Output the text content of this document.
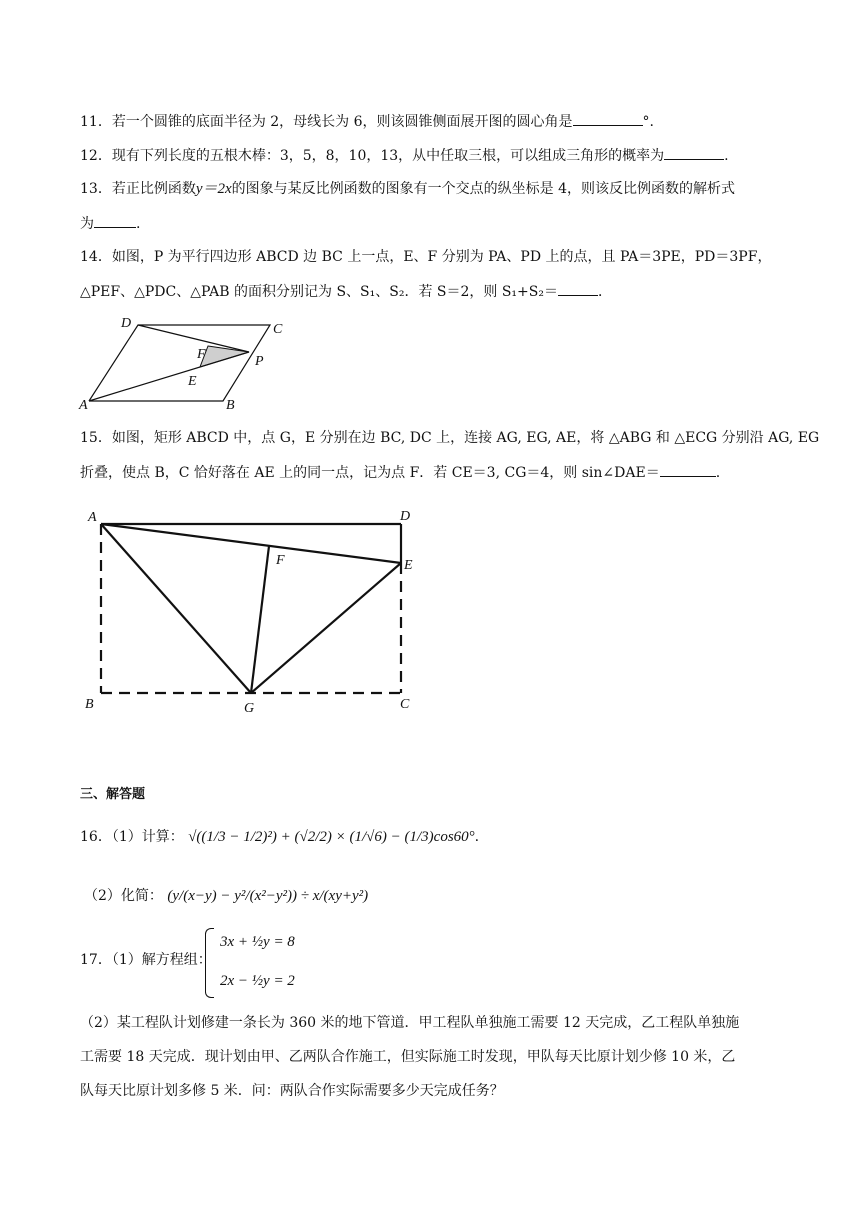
11．若一个圆锥的底面半径为 2，母线长为 6，则该圆锥侧面展开图的圆心角是	°.
12．现有下列长度的五根木棒：3，5，8，10，13，从中任取三根，可以组成三角形的概率为	.
13．若正比例函数y＝2x的图象与某反比例函数的图象有一个交点的纵坐标是 4，则该反比例函数的解析式
为	.
14．如图，P 为平行四边形 ABCD 边 BC 上一点，E、F 分别为 PA、PD 上的点，且 PA＝3PE，PD＝3PF，
△PEF、△PDC、△PAB 的面积分别记为 S、S₁、S₂．若 S＝2，则 S₁+S₂＝	．
D	C
F	P
E
A	B
15．如图，矩形 ABCD 中，点 G，E 分别在边 BC, DC 上，连接 AG, EG, AE，将 △ABG 和 △ECG 分别沿 AG, EG
折叠，使点 B，C 恰好落在 AE 上的同一点，记为点 F．若 CE＝3, CG＝4，则 sin∠DAE＝	.
A	D
F	E
B	G	C
三、解答题
16．（1）计算： √((1/3 − 1/2)²) + (√2/2) × (1/√6) − (1/3)cos60°.
（2）化简： (y/(x−y) − y²/(x²−y²)) ÷ x/(xy+y²)
17．（1）解方程组：
3x + ½y = 8
2x − ½y = 2
（2）某工程队计划修建一条长为 360 米的地下管道．甲工程队单独施工需要 12 天完成，乙工程队单独施
工需要 18 天完成．现计划由甲、乙两队合作施工，但实际施工时发现，甲队每天比原计划少修 10 米，乙
队每天比原计划多修 5 米．问：两队合作实际需要多少天完成任务？
